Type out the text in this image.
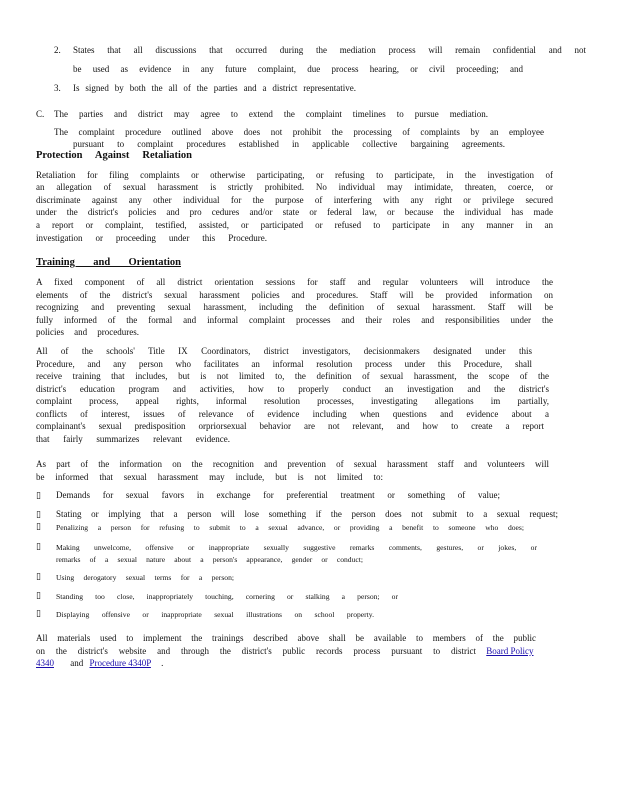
2. States that all discussions that occurred during the mediation process will remain confidential and not
be used as evidence in any future complaint, due process hearing, or civil proceeding; and
3. Is signed by both the all of the parties and a district representative.
C. The parties and district may agree to extend the complaint timelines to pursue mediation.
The complaint procedure outlined above does not prohibit the processing of complaints by an employee
pursuant to complaint procedures established in applicable collective bargaining agreements.
Protection Against Retaliation
Retaliation for filing complaints or otherwise participating, or refusing to participate, in the investigation of
an allegation of sexual harassment is strictly prohibited. No individual may intimidate, threaten, coerce, or
discriminate against any other individual for the purpose of interfering with any right or privilege secured
under the district's policies and pro cedures and/or state or federal law, or because the individual has made
a report or complaint, testified, assisted, or participated or refused to participate in any manner in an
investigation or proceeding under this Procedure.
Training and Orientation
A fixed component of all district orientation sessions for staff and regular volunteers will introduce the
elements of the district's sexual harassment policies and procedures. Staff will be provided information on
recognizing and preventing sexual harassment, including the definition of sexual harassment. Staff will be
fully informed of the formal and informal complaint processes and their roles and responsibilities under the
policies and procedures.
All of the schools' Title IX Coordinators, district investigators, decisionmakers designated under this
Procedure, and any person who facilitates an informal resolution process under this Procedure, shall
receive training that includes, but is not limited to, the definition of sexual harassment, the scope of the
district's education program and activities, how to properly conduct an investigation and the district's
complaint process, appeal rights, informal resolution processes, investigating allegations im partially,
conflicts of interest, issues of relevance of evidence including when questions and evidence about a
complainant's sexual predisposition orpriorsexual behavior are not relevant, and how to create a report
that fairly summarizes relevant evidence.
As part of the information on the recognition and prevention of sexual harassment staff and volunteers will
be informed that sexual harassment may include, but is not limited to:
▯ Demands for sexual favors in exchange for preferential treatment or something of value;
▯ Stating or implying that a person will lose something if the person does not submit to a sexual request;
▯ Penalizing a person for refusing to submit to a sexual advance, or providing a benefit to someone who does;
▯ Making unwelcome, offensive or inappropriate sexually suggestive remarks comments, gestures, or jokes, or
remarks of a sexual nature about a person's appearance, gender or conduct;
▯ Using derogatory sexual terms for a person;
▯ Standing too close, inappropriately touching, cornering or stalking a person; or
▯ Displaying offensive or inappropriate sexual illustrations on school property.
All materials used to implement the trainings described above shall be available to members of the public
on the district's website and through the district's public records process pursuant to district Board Policy
4340 and Procedure 4340P .
